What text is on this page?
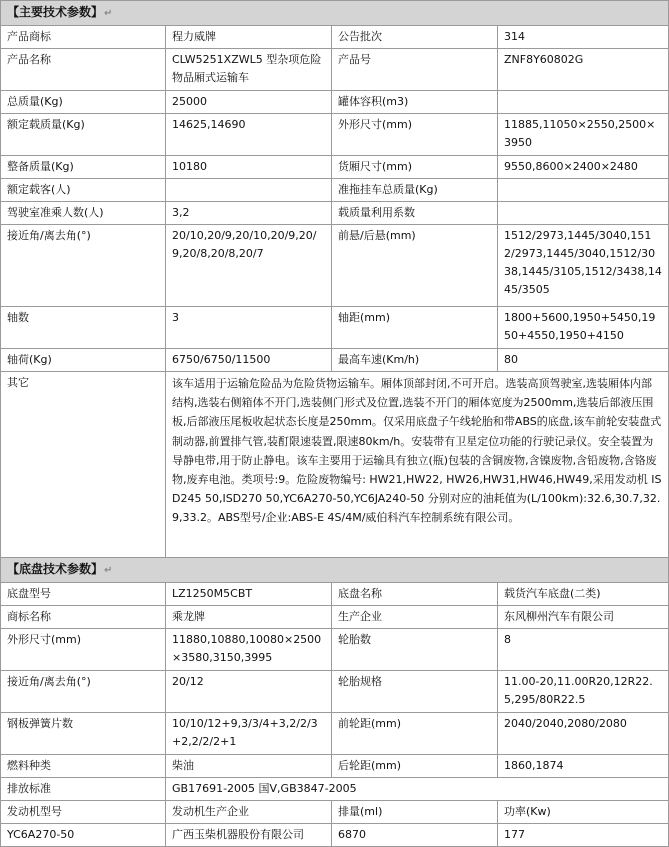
【主要技术参数】↵			
产品商标	程力威牌	公告批次	314
产品名称	CLW5251XZWL5 型杂项危险物品厢式运输车	产品号	ZNF8Y60802G
总质量(Kg)	25000	罐体容积(m3)	
额定载质量(Kg)	14625,14690	外形尺寸(mm)	11885,11050×2550,2500×3950
整备质量(Kg)	10180	货厢尺寸(mm)	9550,8600×2400×2480
额定载客(人)		准拖挂车总质量(Kg)	
驾驶室准乘人数(人)	3,2	载质量利用系数	
接近角/离去角(°)	20/10,20/9,20/10,20/9,20/9,20/8,20/8,20/7	前悬/后悬(mm)	1512/2973,1445/3040,1512/2973,1445/3040,1512/3038,1445/3105,1512/3438,1445/3505
轴数	3	轴距(mm)	1800+5600,1950+5450,1950+4550,1950+4150
轴荷(Kg)	6750/6750/11500	最高车速(Km/h)	80
其它	该车适用于运输危险品为危险货物运输车。厢体顶部封闭,不可开启。选装高顶驾驶室,选装厢体内部结构,选装右侧箱体不开门,选装侧门形式及位置,选装不开门的厢体宽度为2500mm,选装后部液压围板,后部液压尾板收起状态长度是250mm。仅采用底盘子午线轮胎和带ABS的底盘,该车前轮安装盘式制动器,前置排气管,装酊限速装置,限速80km/h。安装带有卫星定位功能的行驶记录仪。安全装置为导静电带,用于防止静电。该车主要用于运输具有独立(瓶)包装的含铜废物,含镍废物,含铅废物,含铬废物,废弃电池。类项号:9。危险废物编号: HW21,HW22, HW26,HW31,HW46,HW49,采用发动机 ISD245 50,ISD270 50,YC6A270-50,YC6JA240-50 分别对应的油耗值为(L/100km):32.6,30.7,32.9,33.2。ABS型号/企业:ABS-E 4S/4M/威伯科汽车控制系统有限公司。		
【底盘技术参数】↵			
底盘型号	LZ1250M5CBT	底盘名称	载货汽车底盘(二类)
商标名称	乘龙牌	生产企业	东风柳州汽车有限公司
外形尺寸(mm)	11880,10880,10080×2500×3580,3150,3995	轮胎数	8
接近角/离去角(°)	20/12	轮胎规格	11.00-20,11.00R20,12R22.5,295/80R22.5
钢板弹簧片数	10/10/12+9,3/3/4+3,2/2/3+2,2/2/2+1	前轮距(mm)	2040/2040,2080/2080
燃料种类	柴油	后轮距(mm)	1860,1874
排放标准	GB17691-2005 国Ⅴ,GB3847-2005		
发动机型号	发动机生产企业	排量(ml)	功率(Kw)
YC6A270-50	广西玉柴机器股份有限公司	6870	177
